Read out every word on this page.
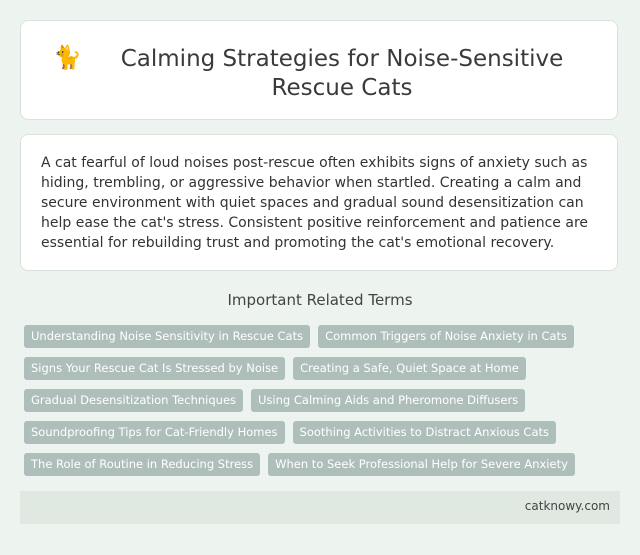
🐈	Calming Strategies for Noise-Sensitive Rescue Cats

A cat fearful of loud noises post-rescue often exhibits signs of anxiety such as hiding, trembling, or aggressive behavior when startled. Creating a calm and secure environment with quiet spaces and gradual sound desensitization can help ease the cat's stress. Consistent positive reinforcement and patience are essential for rebuilding trust and promoting the cat's emotional recovery.

Important Related Terms
Understanding Noise Sensitivity in Rescue Cats	Common Triggers of Noise Anxiety in Cats
Signs Your Rescue Cat Is Stressed by Noise	Creating a Safe, Quiet Space at Home
Gradual Desensitization Techniques	Using Calming Aids and Pheromone Diffusers
Soundproofing Tips for Cat-Friendly Homes	Soothing Activities to Distract Anxious Cats
The Role of Routine in Reducing Stress	When to Seek Professional Help for Severe Anxiety
catknowy.com
